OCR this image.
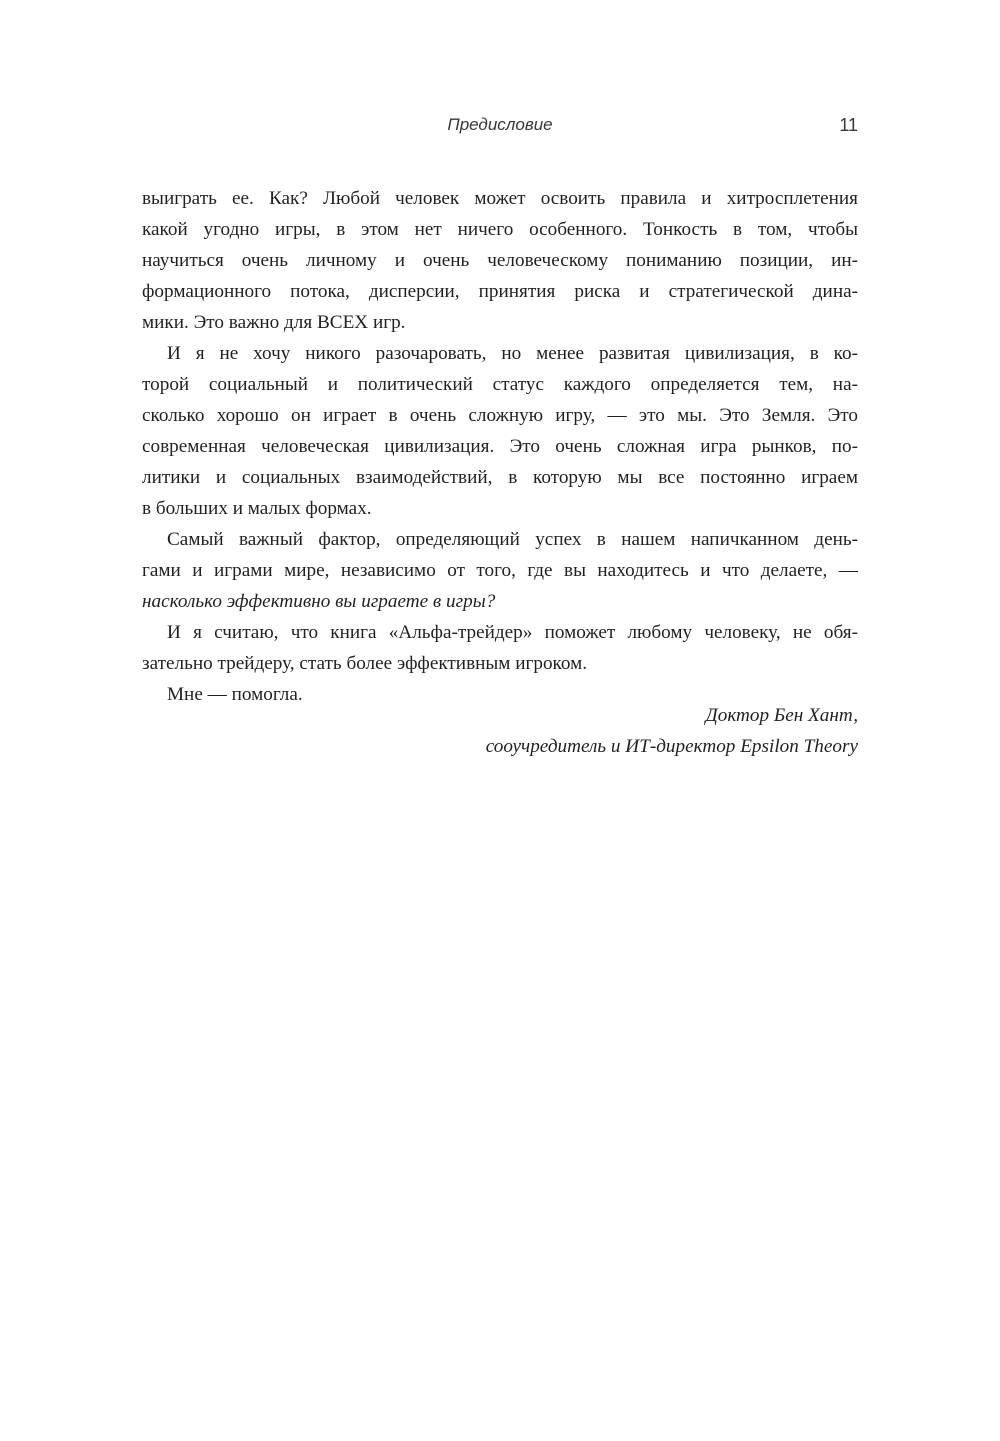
Предисловие	11
выиграть ее. Как? Любой человек может освоить правила и хитросплетения
какой угодно игры, в этом нет ничего особенного. Тонкость в том, чтобы
научиться очень личному и очень человеческому пониманию позиции, ин-
формационного потока, дисперсии, принятия риска и стратегической дина-
мики. Это важно для ВСЕХ игр.
И я не хочу никого разочаровать, но менее развитая цивилизация, в ко-
торой социальный и политический статус каждого определяется тем, на-
сколько хорошо он играет в очень сложную игру, — это мы. Это Земля. Это
современная человеческая цивилизация. Это очень сложная игра рынков, по-
литики и социальных взаимодействий, в которую мы все постоянно играем
в больших и малых формах.
Самый важный фактор, определяющий успех в нашем напичканном день-
гами и играми мире, независимо от того, где вы находитесь и что делаете, —
насколько эффективно вы играете в игры?
И я считаю, что книга «Альфа-трейдер» поможет любому человеку, не обя-
зательно трейдеру, стать более эффективным игроком.
Мне — помогла.
Доктор Бен Хант,
сооучредитель и ИТ-директор Epsilon Theory
